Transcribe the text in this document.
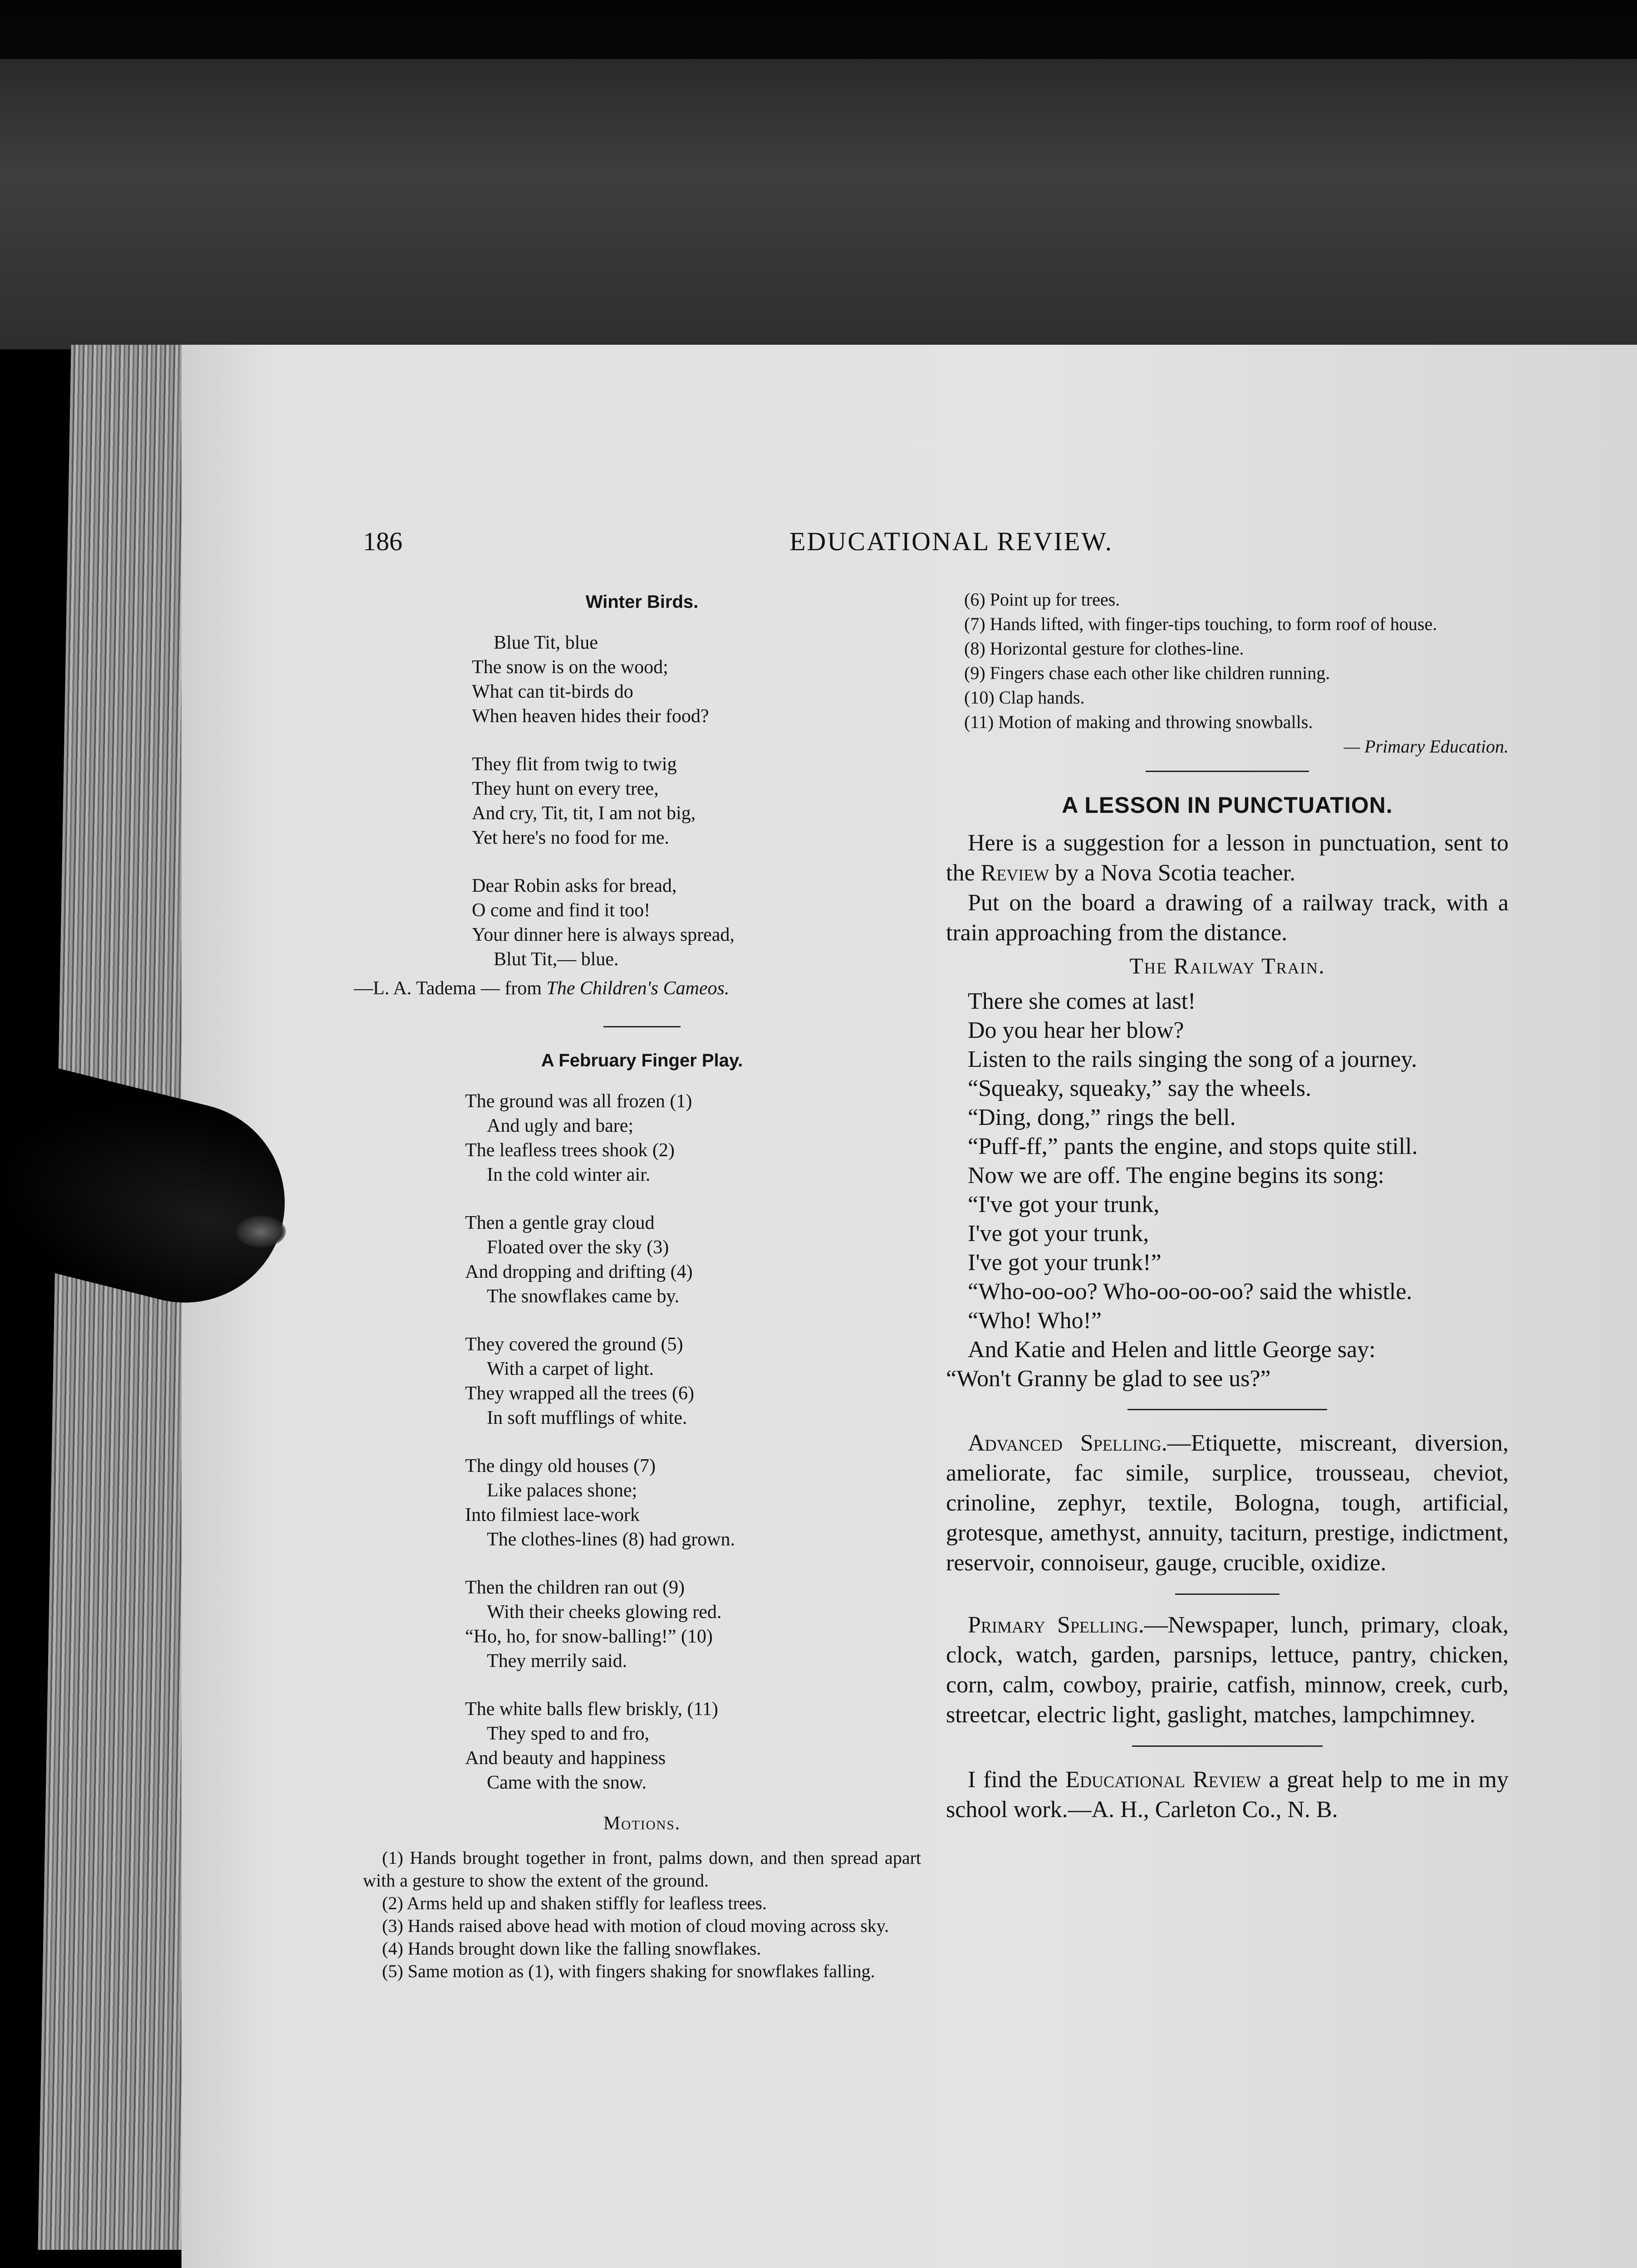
186	EDUCATIONAL REVIEW.
Winter Birds.
Blue Tit, blue
The snow is on the wood;
What can tit-birds do
When heaven hides their food?
They flit from twig to twig
They hunt on every tree,
And cry, Tit, tit, I am not big,
Yet here's no food for me.
Dear Robin asks for bread,
O come and find it too!
Your dinner here is always spread,
Blut Tit,— blue.
—L. A. Tadema — from The Children's Cameos.
A February Finger Play.
The ground was all frozen (1)
And ugly and bare;
The leafless trees shook (2)
In the cold winter air.
Then a gentle gray cloud
Floated over the sky (3)
And dropping and drifting (4)
The snowflakes came by.
They covered the ground (5)
With a carpet of light.
They wrapped all the trees (6)
In soft mufflings of white.
The dingy old houses (7)
Like palaces shone;
Into filmiest lace-work
The clothes-lines (8) had grown.
Then the children ran out (9)
With their cheeks glowing red.
“Ho, ho, for snow-balling!” (10)
They merrily said.
The white balls flew briskly, (11)
They sped to and fro,
And beauty and happiness
Came with the snow.
Motions.
(1) Hands brought together in front, palms down, and then spread apart with a gesture to show the extent of the ground.
(2) Arms held up and shaken stiffly for leafless trees.
(3) Hands raised above head with motion of cloud moving across sky.
(4) Hands brought down like the falling snowflakes.
(5) Same motion as (1), with fingers shaking for snowflakes falling.
(6) Point up for trees.
(7) Hands lifted, with finger-tips touching, to form roof of house.
(8) Horizontal gesture for clothes-line.
(9) Fingers chase each other like children running.
(10) Clap hands.
(11) Motion of making and throwing snowballs.
— Primary Education.
A LESSON IN PUNCTUATION.

Here is a suggestion for a lesson in punctuation, sent to the Review by a Nova Scotia teacher.

Put on the board a drawing of a railway track, with a train approaching from the distance.

The Railway Train.
There she comes at last!
Do you hear her blow?
Listen to the rails singing the song of a journey.
“Squeaky, squeaky,” say the wheels.
“Ding, dong,” rings the bell.
“Puff-ff,” pants the engine, and stops quite still.
Now we are off. The engine begins its song:
“I've got your trunk,
I've got your trunk,
I've got your trunk!”
“Who-oo-oo? Who-oo-oo-oo? said the whistle.
“Who! Who!”
And Katie and Helen and little George say:
“Won't Granny be glad to see us?”

Advanced Spelling.—Etiquette, miscreant, diversion, ameliorate, fac simile, surplice, trousseau, cheviot, crinoline, zephyr, textile, Bologna, tough, artificial, grotesque, amethyst, annuity, taciturn, prestige, indictment, reservoir, connoiseur, gauge, crucible, oxidize.

Primary Spelling.—Newspaper, lunch, primary, cloak, clock, watch, garden, parsnips, lettuce, pantry, chicken, corn, calm, cowboy, prairie, catfish, minnow, creek, curb, streetcar, electric light, gaslight, matches, lampchimney.

I find the Educational Review a great help to me in my school work.—A. H., Carleton Co., N. B.
